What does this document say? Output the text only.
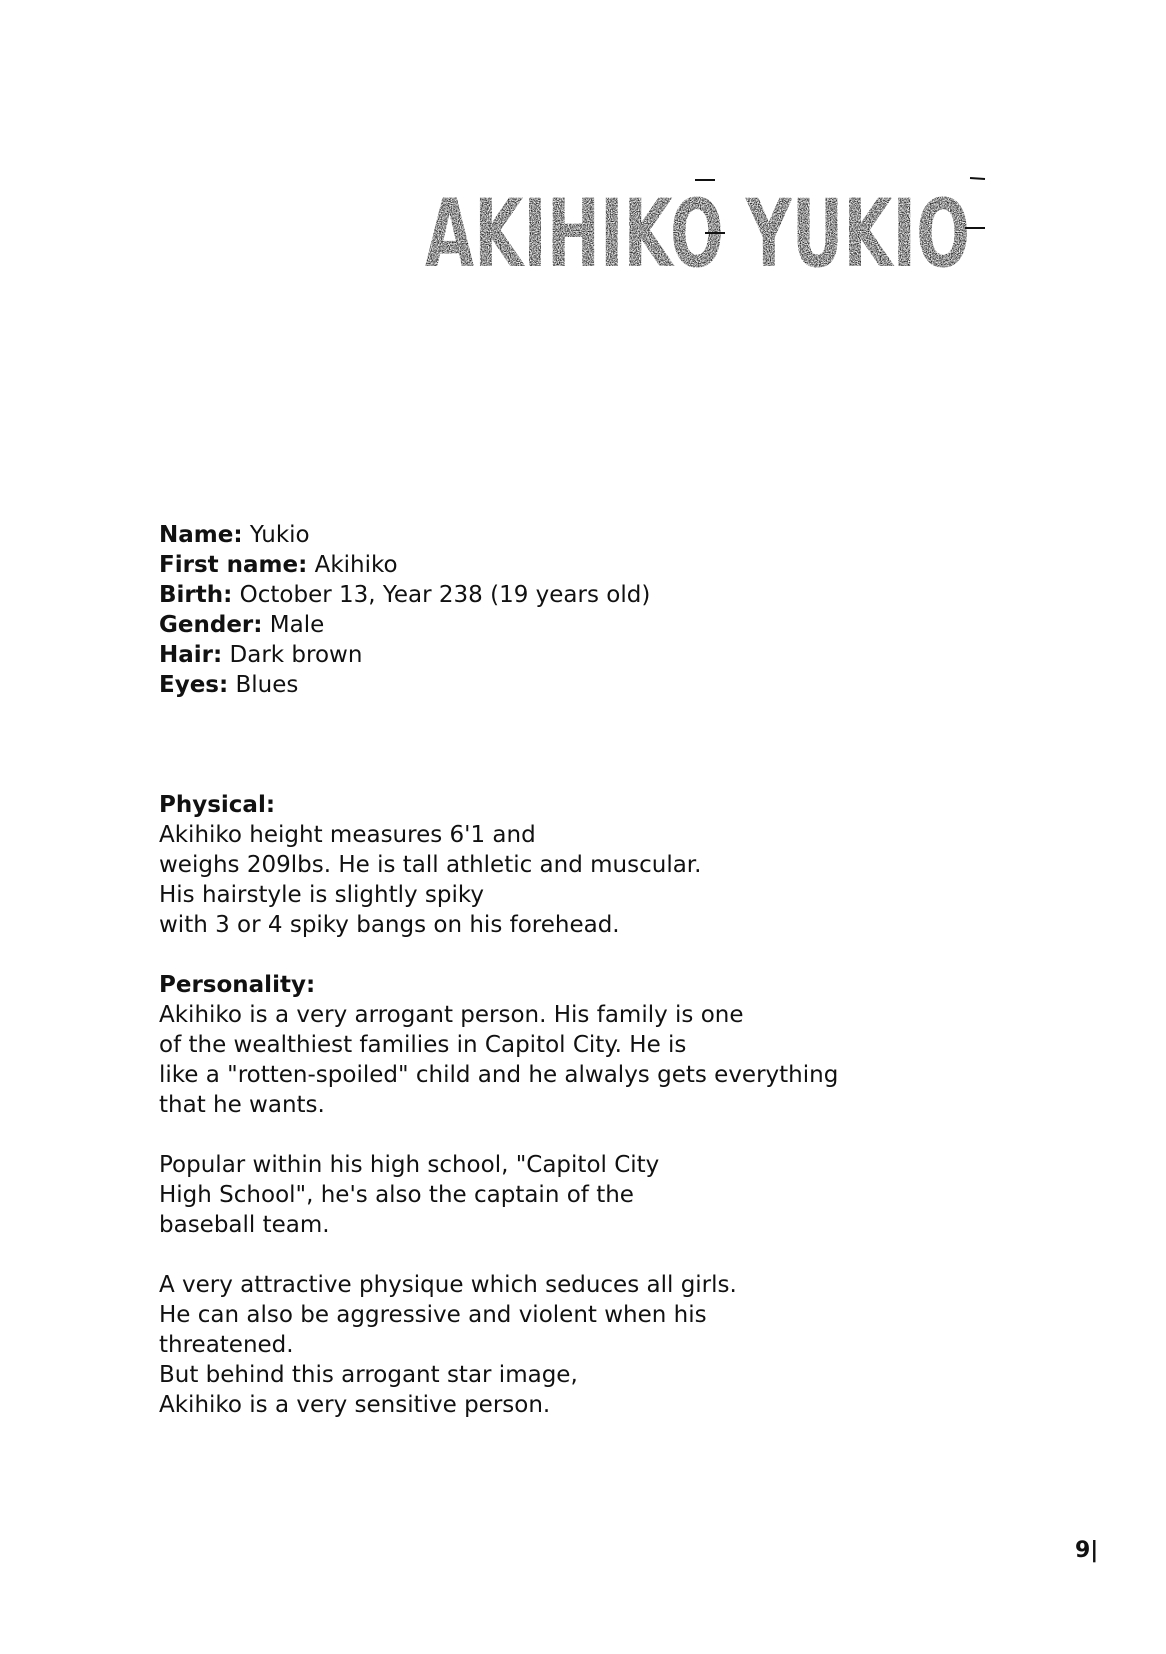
AKIHIKO YUKIO
Name: Yukio
First name: Akihiko
Birth: October 13, Year 238 (19 years old)
Gender: Male
Hair: Dark brown
Eyes: Blues
Physical:
Akihiko height measures 6'1 and
weighs 209lbs. He is tall athletic and muscular.
His hairstyle is slightly spiky
with 3 or 4 spiky bangs on his forehead.
Personality:
Akihiko is a very arrogant person. His family is one
of the wealthiest families in Capitol City. He is
like a "rotten-spoiled" child and he alwalys gets everything
that he wants.
Popular within his high school, "Capitol City
High School", he's also the captain of the
baseball team.
A very attractive physique which seduces all girls.
He can also be aggressive and violent when his
threatened.
But behind this arrogant star image,
Akihiko is a very sensitive person.
9|
